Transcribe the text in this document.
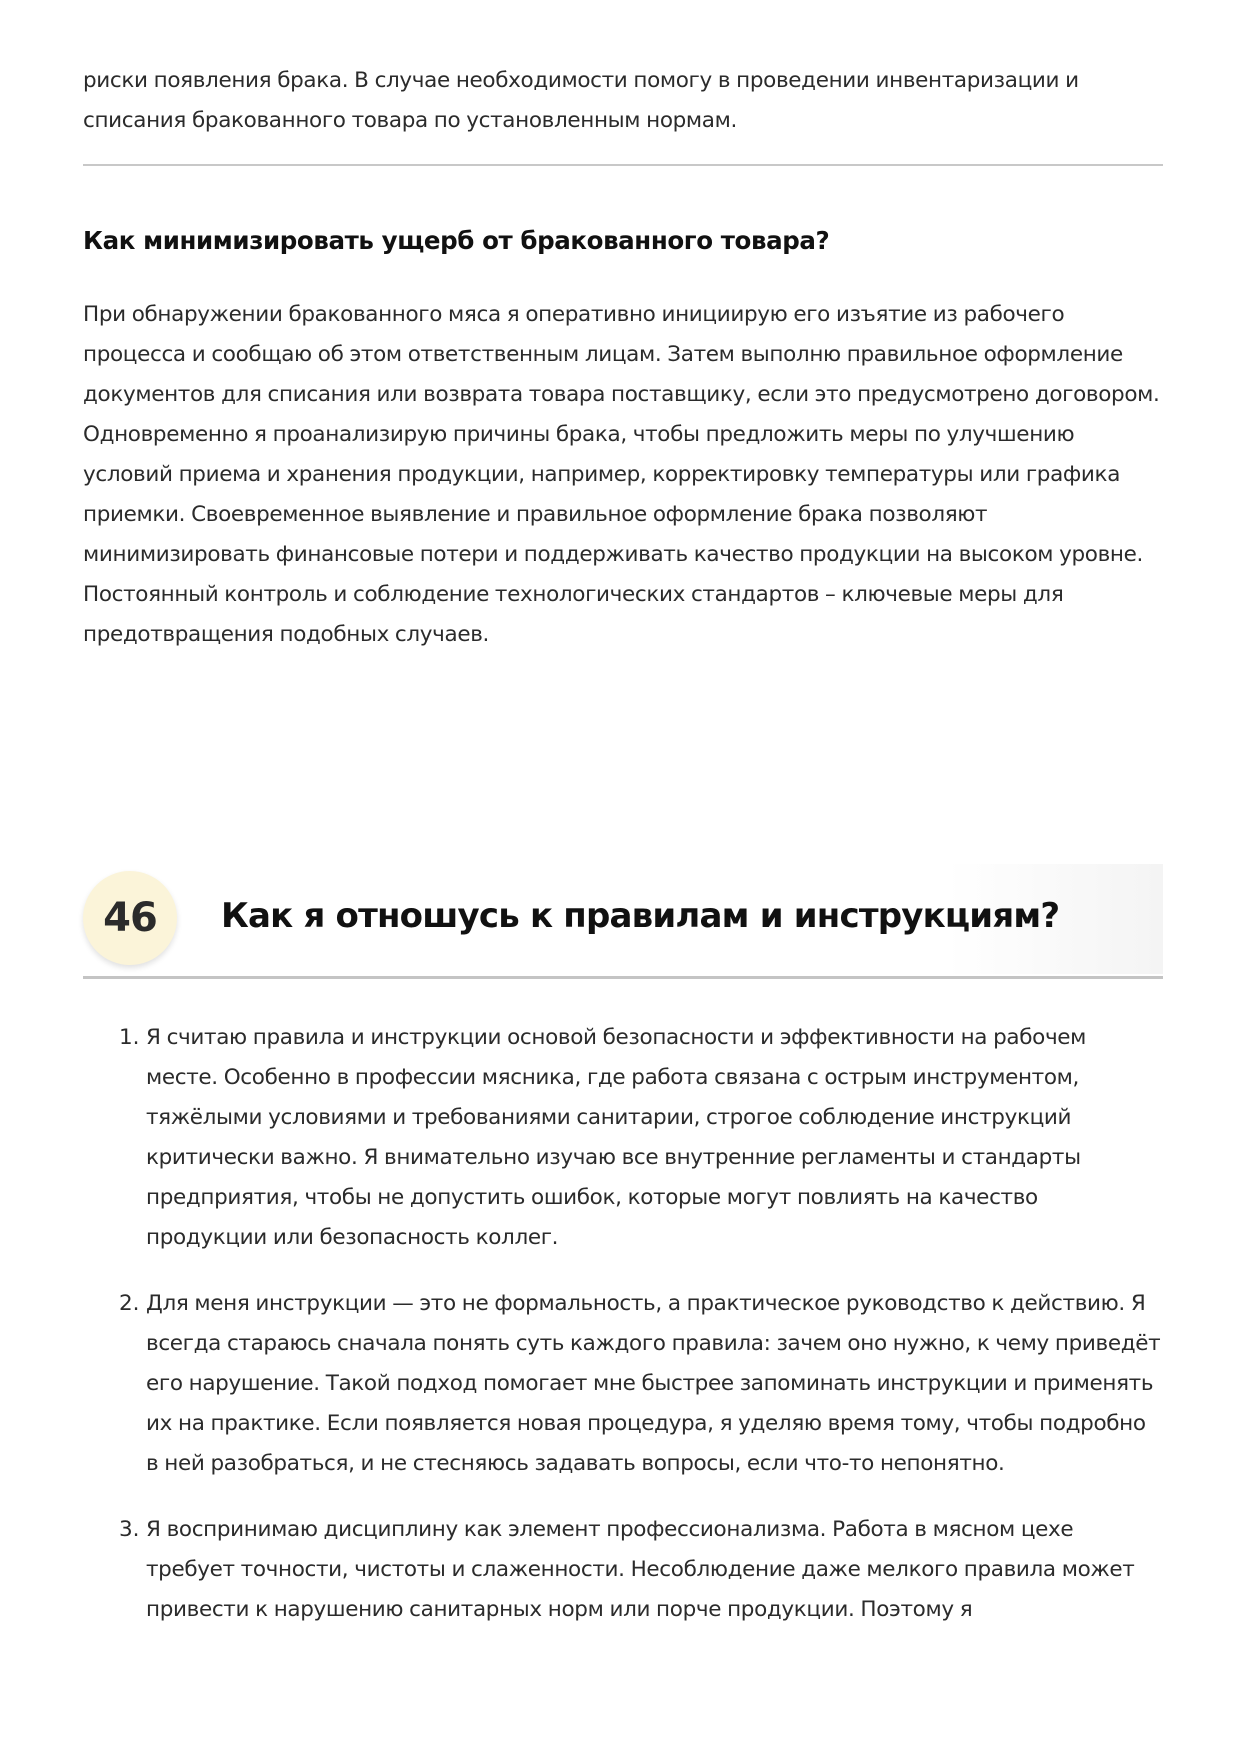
риски появления брака. В случае необходимости помогу в проведении инвентаризации и списания бракованного товара по установленным нормам.

Как минимизировать ущерб от бракованного товара?

При обнаружении бракованного мяса я оперативно инициирую его изъятие из рабочего процесса и сообщаю об этом ответственным лицам. Затем выполню правильное оформление документов для списания или возврата товара поставщику, если это предусмотрено договором. Одновременно я проанализирую причины брака, чтобы предложить меры по улучшению условий приема и хранения продукции, например, корректировку температуры или графика приемки. Своевременное выявление и правильное оформление брака позволяют минимизировать финансовые потери и поддерживать качество продукции на высоком уровне. Постоянный контроль и соблюдение технологических стандартов – ключевые меры для предотвращения подобных случаев.

46	Как я отношусь к правилам и инструкциям?
1. Я считаю правила и инструкции основой безопасности и эффективности на рабочем месте. Особенно в профессии мясника, где работа связана с острым инструментом, тяжёлыми условиями и требованиями санитарии, строгое соблюдение инструкций критически важно. Я внимательно изучаю все внутренние регламенты и стандарты предприятия, чтобы не допустить ошибок, которые могут повлиять на качество продукции или безопасность коллег.

2. Для меня инструкции — это не формальность, а практическое руководство к действию. Я всегда стараюсь сначала понять суть каждого правила: зачем оно нужно, к чему приведёт его нарушение. Такой подход помогает мне быстрее запоминать инструкции и применять их на практике. Если появляется новая процедура, я уделяю время тому, чтобы подробно в ней разобраться, и не стесняюсь задавать вопросы, если что-то непонятно.

3. Я воспринимаю дисциплину как элемент профессионализма. Работа в мясном цехе требует точности, чистоты и слаженности. Несоблюдение даже мелкого правила может привести к нарушению санитарных норм или порче продукции. Поэтому я
